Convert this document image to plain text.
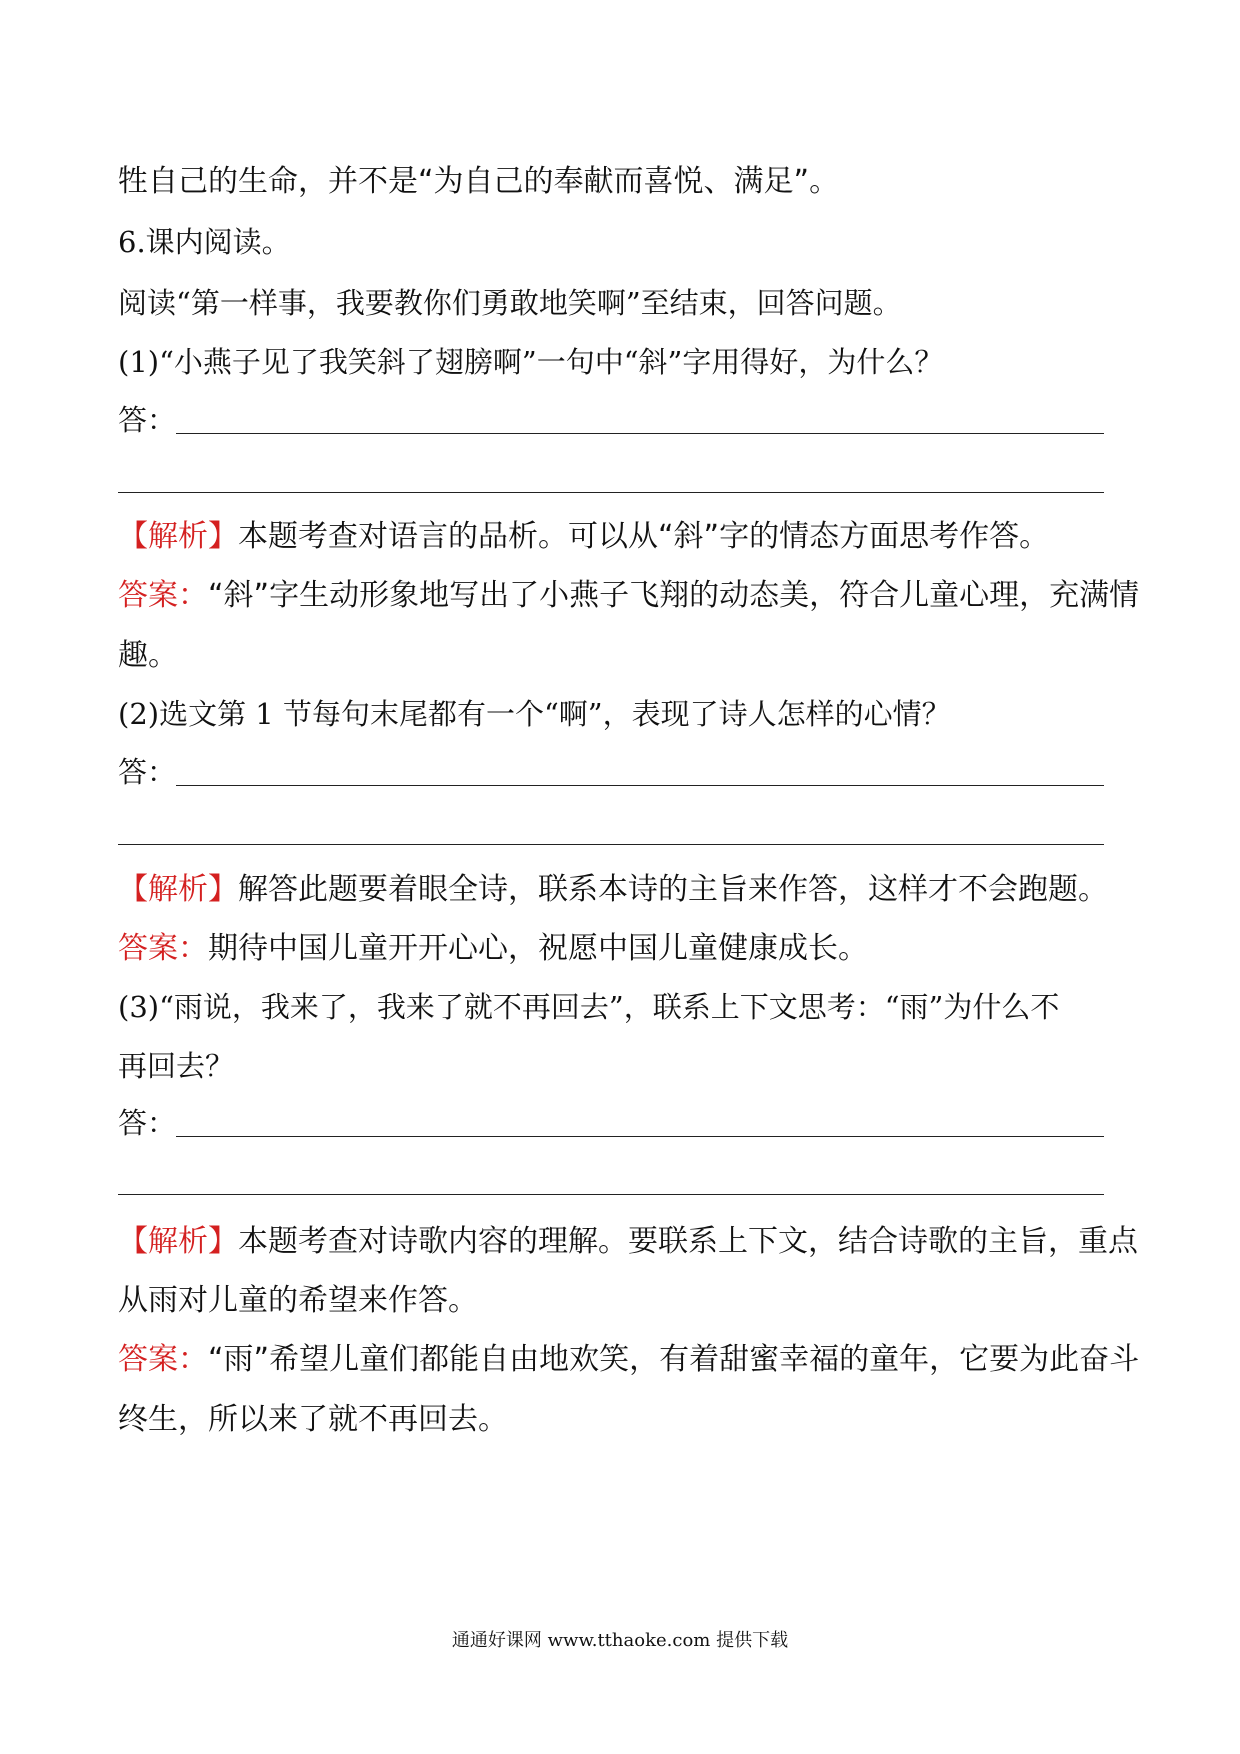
牲自己的生命，并不是“为自己的奉献而喜悦、满足”。
6.课内阅读。
阅读“第一样事，我要教你们勇敢地笑啊”至结束，回答问题。
(1)“小燕子见了我笑斜了翅膀啊”一句中“斜”字用得好，为什么？
答：
【解析】本题考查对语言的品析。可以从“斜”字的情态方面思考作答。
答案：“斜”字生动形象地写出了小燕子飞翔的动态美，符合儿童心理，充满情
趣。
(2)选文第 1 节每句末尾都有一个“啊”，表现了诗人怎样的心情？
答：
【解析】解答此题要着眼全诗，联系本诗的主旨来作答，这样才不会跑题。
答案：期待中国儿童开开心心，祝愿中国儿童健康成长。
(3)“雨说，我来了，我来了就不再回去”，联系上下文思考：“雨”为什么不
再回去？
答：
【解析】本题考查对诗歌内容的理解。要联系上下文，结合诗歌的主旨，重点
从雨对儿童的希望来作答。
答案：“雨”希望儿童们都能自由地欢笑，有着甜蜜幸福的童年，它要为此奋斗
终生，所以来了就不再回去。
通通好课网 www.tthaoke.com 提供下载
